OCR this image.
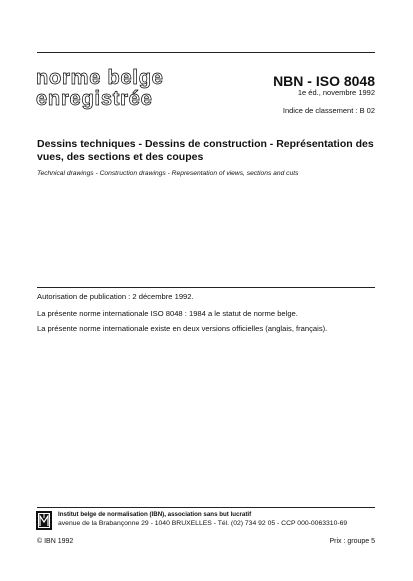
norme belge
enregistrée
NBN - ISO 8048
1e éd., novembre 1992
Indice de classement : B 02
Dessins techniques - Dessins de construction - Représentation des vues, des sections et des coupes
Technical drawings - Construction drawings - Representation of views, sections and cuts
Autorisation de publication : 2 décembre 1992.
La présente norme internationale ISO 8048 : 1984 a le statut de norme belge.
La présente norme internationale existe en deux versions officielles (anglais, français).
Institut belge de normalisation (IBN), association sans but lucratif
avenue de la Brabançonne 29 - 1040 BRUXELLES - Tél. (02) 734 92 05 - CCP 000-0063310-69
© IBN 1992	Prix : groupe 5
